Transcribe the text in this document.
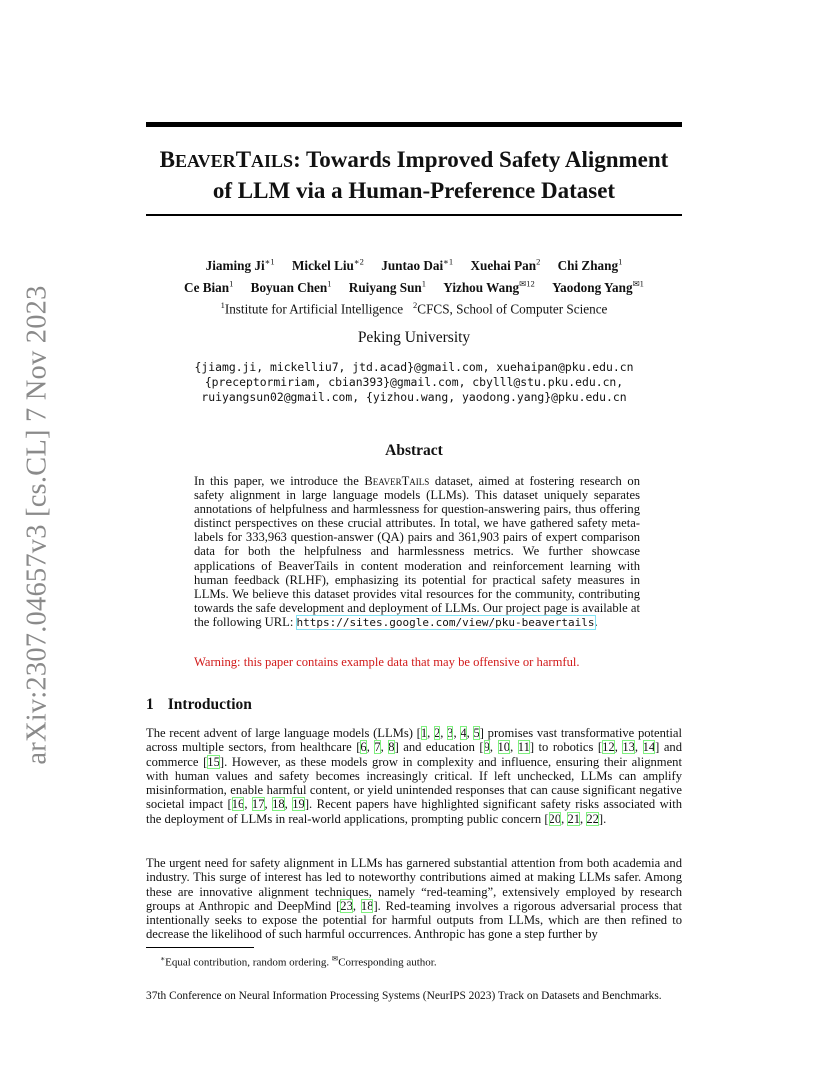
arXiv:2307.04657v3 [cs.CL] 7 Nov 2023
BEAVERTAILS: Towards Improved Safety Alignment
of LLM via a Human-Preference Dataset
Jiaming $Ji^{∗1}$ Mickel Liu$^{∗2}$ Juntao Dai$^{∗1}$ Xuehai Pan$^2$ Chi Zhang$^1$
Ce Bian$^1$ Boyuan Chen$^1$ Ruiyang Sun$^1$ Yizhou Wang$^{✉12}$ Yaodong Yang$^{✉1}$
$^1$Institute for Artificial Intelligence $^2$CFCS, School of Computer Science
Peking University
{jiamg.ji, mickelliu7, jtd.acad}@gmail.com, xuehaipan@pku.edu.cn
{preceptormiriam, cbian393}@gmail.com, cbylll@stu.pku.edu.cn,
ruiyangsun02@gmail.com, {yizhou.wang, yaodong.yang}@pku.edu.cn
Abstract
In this paper, we introduce the BeaverTails dataset, aimed at fostering research on safety alignment in large language models (LLMs). This dataset uniquely separates annotations of helpfulness and harmlessness for question-answering pairs, thus offering distinct perspectives on these crucial attributes. In total, we have gathered safety meta-labels for 333,963 question-answer (QA) pairs and 361,903 pairs of expert comparison data for both the helpfulness and harmlessness metrics. We further showcase applications of BeaverTails in content moderation and reinforcement learning with human feedback (RLHF), emphasizing its potential for practical safety measures in LLMs. We believe this dataset provides vital resources for the community, contributing towards the safe development and deployment of LLMs. Our project page is available at the following URL: https://sites.google.com/view/pku-beavertails.
Warning: this paper contains example data that may be offensive or harmful.
1 Introduction
The recent advent of large language models (LLMs) [1, 2, 3, 4, 5] promises vast transformative potential across multiple sectors, from healthcare [6, 7, 8] and education [9, 10, 11] to robotics [12, 13, 14] and commerce [15]. However, as these models grow in complexity and influence, ensuring their alignment with human values and safety becomes increasingly critical. If left unchecked, LLMs can amplify misinformation, enable harmful content, or yield unintended responses that can cause significant negative societal impact [16, 17, 18, 19]. Recent papers have highlighted significant safety risks associated with the deployment of LLMs in real-world applications, prompting public concern [20, 21, 22].
The urgent need for safety alignment in LLMs has garnered substantial attention from both academia and industry. This surge of interest has led to noteworthy contributions aimed at making LLMs safer. Among these are innovative alignment techniques, namely “red-teaming”, extensively employed by research groups at Anthropic and DeepMind [23, 18]. Red-teaming involves a rigorous adversarial process that intentionally seeks to expose the potential for harmful outputs from LLMs, which are then refined to decrease the likelihood of such harmful occurrences. Anthropic has gone a step further by
∗Equal contribution, random ordering. ✉Corresponding author.
37th Conference on Neural Information Processing Systems (NeurIPS 2023) Track on Datasets and Benchmarks.
